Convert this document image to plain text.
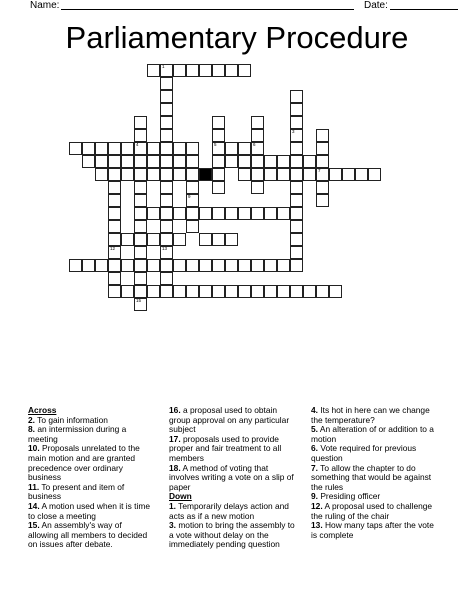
Name:	Date:
Parliamentary Procedure
1
13
3
4
15
5	6
9
7
12
Across
2. To gain information
8. an intermission during a meeting
10. Proposals unrelated to the main motion and are granted precedence over ordinary business
11. To present and item of business
14. A motion used when it is time to close a meeting
15. An assembly's way of allowing all members to decided on issues after debate.
16. a proposal used to obtain group approval on any particular subject
17. proposals used to provide proper and fair treatment to all members
18. A method of voting that involves writing a vote on a slip of paper
Down
1. Temporarily delays action and acts as if a new motion
3. motion to bring the assembly to a vote without delay on the immediately pending question
4. Its hot in here can we change the temperature?
5. An alteration of or addition to a motion
6. Vote required for previous question
7. To allow the chapter to do something that would be against the rules
9. Presiding officer
12. A proposal used to challenge the ruling of the chair
13. How many taps after the vote is complete
